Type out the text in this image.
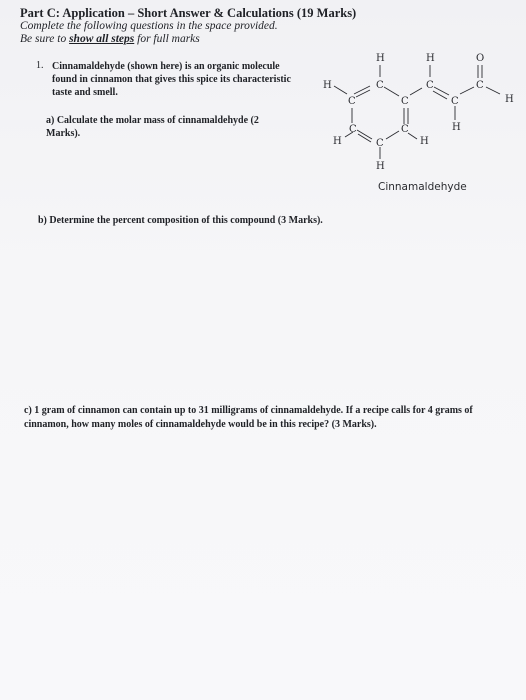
Part C: Application – Short Answer & Calculations (19 Marks)
Complete the following questions in the space provided.
Be sure to show all steps for full marks
1. Cinnamaldehyde (shown here) is an organic molecule found in cinnamon that gives this spice its characteristic taste and smell.
a) Calculate the molar mass of cinnamaldehyde (2 Marks).
H	H	O
H	C	C	C
C	C	C	H
H
C	C
H	C	H
H
Cinnamaldehyde
b) Determine the percent composition of this compound (3 Marks).
c) 1 gram of cinnamon can contain up to 31 milligrams of cinnamaldehyde. If a recipe calls for 4 grams of cinnamon, how many moles of cinnamaldehyde would be in this recipe? (3 Marks).
